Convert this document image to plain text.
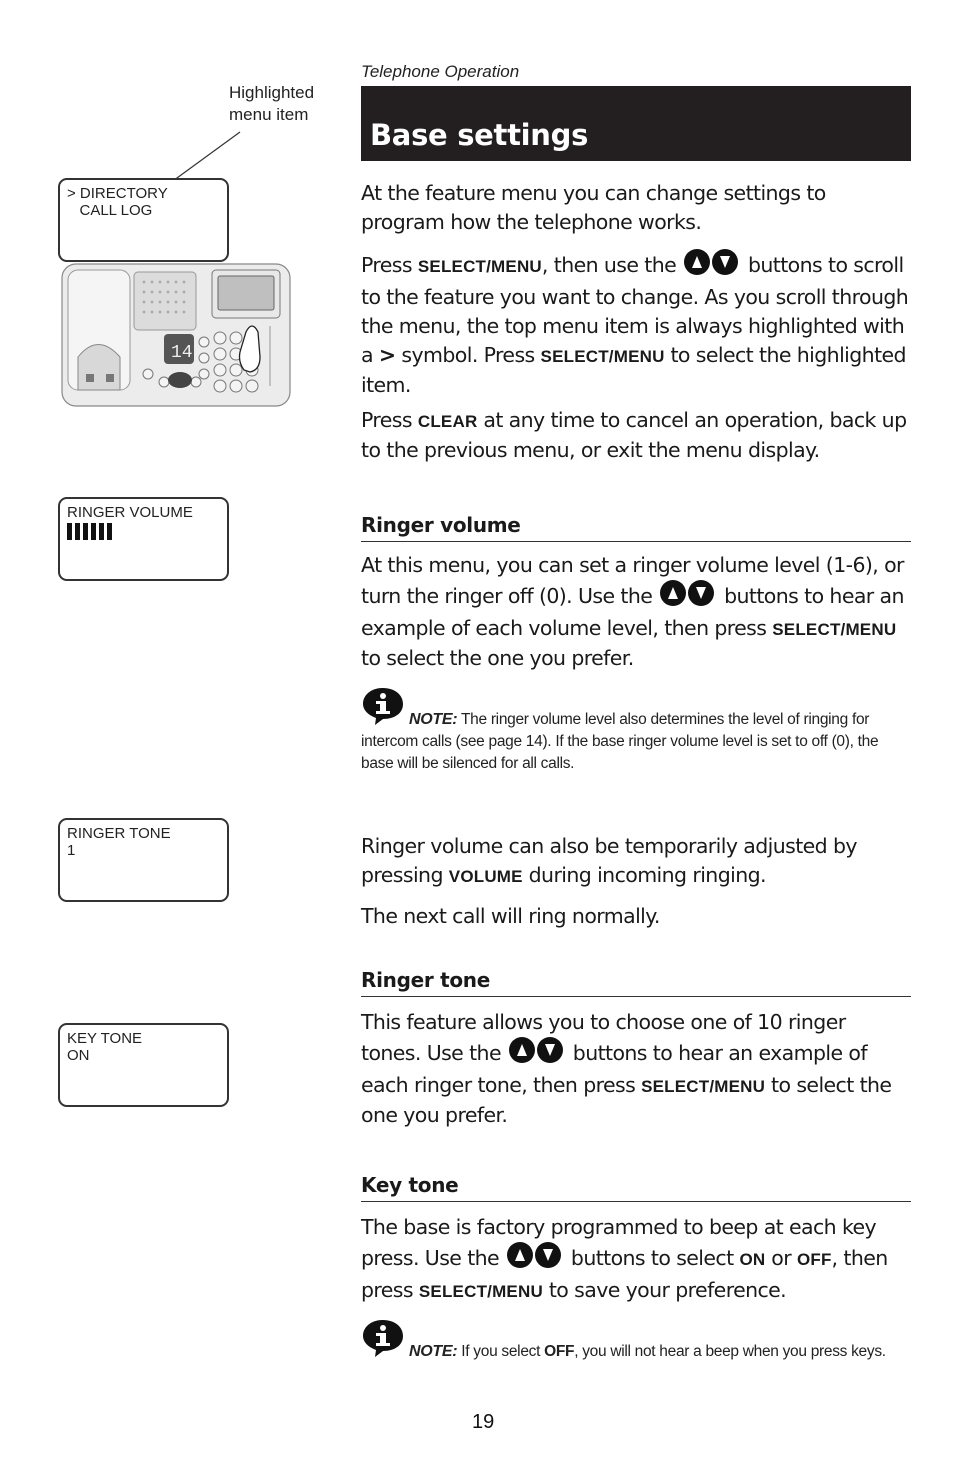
Telephone Operation
Base settings
Highlighted
menu item
> DIRECTORY
CALL LOG
14
At the feature menu you can change settings to program how the telephone works.
Press SELECT/MENU, then use the	buttons to scroll to the feature you want to change. As you scroll through the menu, the top menu item is always highlighted with a > symbol. Press SELECT/MENU to select the highlighted item.
Press CLEAR at any time to cancel an operation, back up to the previous menu, or exit the menu display.
RINGER VOLUME
Ringer volume
At this menu, you can set a ringer volume level (1-6), or turn the ringer off (0). Use the	buttons to hear an example of each volume level, then press SELECT/MENU to select the one you prefer.
NOTE: The ringer volume level also determines the level of ringing for intercom calls (see page 14). If the base ringer volume level is set to off (0), the base will be silenced for all calls.
RINGER TONE
1	Ringer volume can also be temporarily adjusted by pressing VOLUME during incoming ringing.
The next call will ring normally.
Ringer tone
This feature allows you to choose one of 10 ringer tones. Use the	buttons to hear an example of each ringer tone, then press SELECT/MENU to select the one you prefer.
KEY TONE
ON
Key tone
The base is factory programmed to beep at each key press. Use the	buttons to select ON or OFF, then press SELECT/MENU to save your preference.
NOTE: If you select OFF, you will not hear a beep when you press keys.
19
